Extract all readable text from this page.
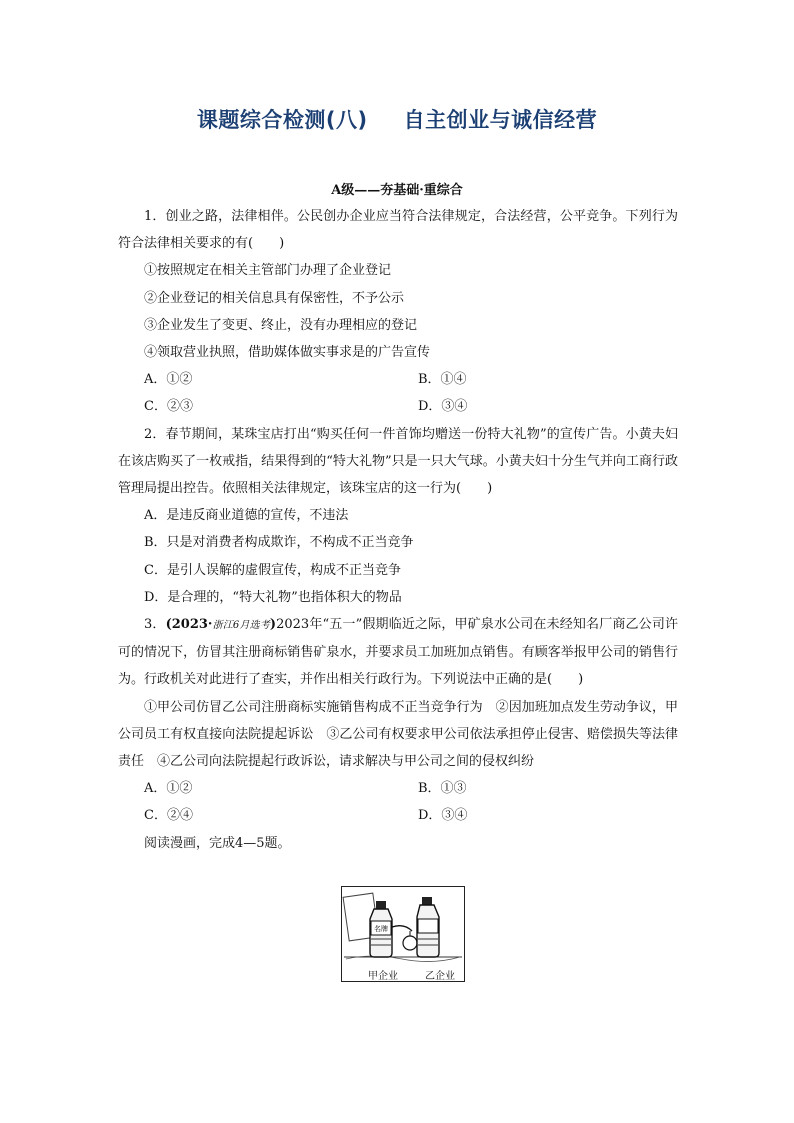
课题综合检测(八) 自主创业与诚信经营
A级——夯基础·重综合

1．创业之路，法律相伴。公民创办企业应当符合法律规定，合法经营，公平竞争。下列行为符合法律相关要求的有(　　)

①按照规定在相关主管部门办理了企业登记

②企业登记的相关信息具有保密性，不予公示

③企业发生了变更、终止，没有办理相应的登记

④领取营业执照，借助媒体做实事求是的广告宣传

A．①②	B．①④
C．②③	D．③④

2．春节期间，某珠宝店打出“购买任何一件首饰均赠送一份特大礼物”的宣传广告。小黄夫妇在该店购买了一枚戒指，结果得到的“特大礼物”只是一只大气球。小黄夫妇十分生气并向工商行政管理局提出控告。依照相关法律规定，该珠宝店的这一行为(　　)

A．是违反商业道德的宣传，不违法

B．只是对消费者构成欺诈，不构成不正当竞争

C．是引人误解的虚假宣传，构成不正当竞争

D．是合理的，“特大礼物”也指体积大的物品

3．(2023·浙江6月选考)2023年“五一”假期临近之际，甲矿泉水公司在未经知名厂商乙公司许可的情况下，仿冒其注册商标销售矿泉水，并要求员工加班加点销售。有顾客举报甲公司的销售行为。行政机关对此进行了查实，并作出相关行政行为。下列说法中正确的是(　　)

①甲公司仿冒乙公司注册商标实施销售构成不正当竞争行为　②因加班加点发生劳动争议，甲公司员工有权直接向法院提起诉讼　③乙公司有权要求甲公司依法承担停止侵害、赔偿损失等法律责任　④乙公司向法院提起行政诉讼，请求解决与甲公司之间的侵权纠纷

A．①②	B．①③
C．②④	D．③④

阅读漫画，完成4—5题。

名牌
甲企业	乙企业
